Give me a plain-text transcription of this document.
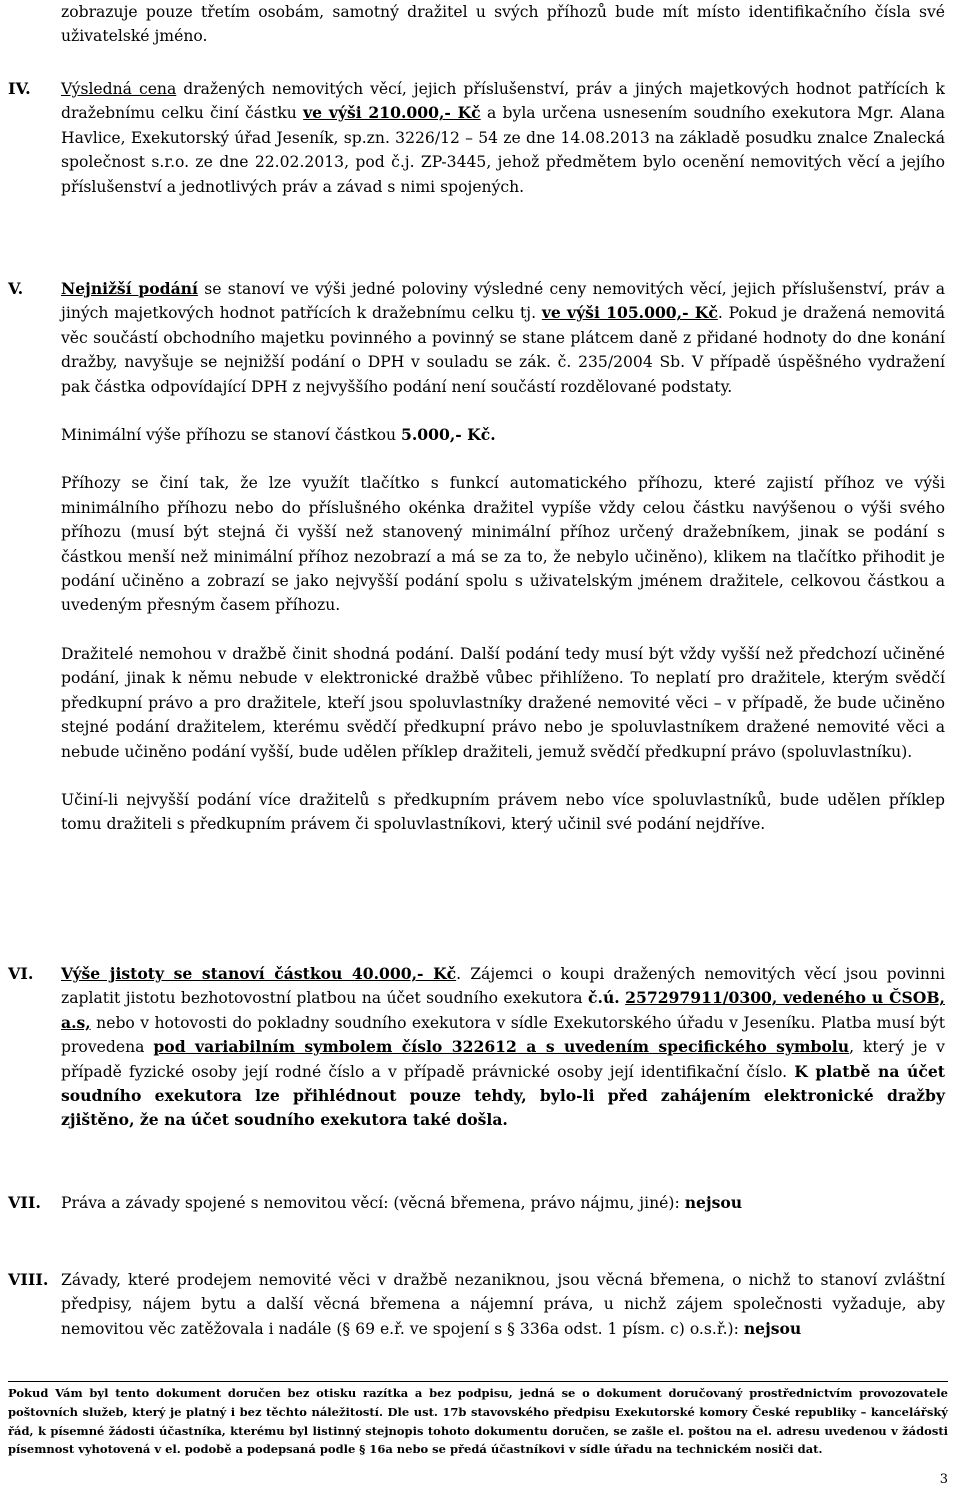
zobrazuje pouze třetím osobám, samotný dražitel u svých příhozů bude mít místo identifikačního čísla své uživatelské jméno.

IV. Výsledná cena dražených nemovitých věcí, jejich příslušenství, práv a jiných majetkových hodnot patřících k dražebnímu celku činí částku ve výši 210.000,- Kč a byla určena usnesením soudního exekutora Mgr. Alana Havlice, Exekutorský úřad Jeseník, sp.zn. 3226/12 – 54 ze dne 14.08.2013 na základě posudku znalce Znalecká společnost s.r.o. ze dne 22.02.2013, pod č.j. ZP-3445, jehož předmětem bylo ocenění nemovitých věcí a jejího příslušenství a jednotlivých práv a závad s nimi spojených.

V. Nejnižší podání se stanoví ve výši jedné poloviny výsledné ceny nemovitých věcí, jejich příslušenství, práv a jiných majetkových hodnot patřících k dražebnímu celku tj. ve výši 105.000,- Kč. Pokud je dražená nemovitá věc součástí obchodního majetku povinného a povinný se stane plátcem daně z přidané hodnoty do dne konání dražby, navyšuje se nejnižší podání o DPH v souladu se zák. č. 235/2004 Sb. V případě úspěšného vydražení pak částka odpovídající DPH z nejvyššího podání není součástí rozdělované podstaty.

Minimální výše příhozu se stanoví částkou 5.000,- Kč.

Příhozy se činí tak, že lze využít tlačítko s funkcí automatického příhozu, které zajistí příhoz ve výši minimálního příhozu nebo do příslušného okénka dražitel vypíše vždy celou částku navýšenou o výši svého příhozu (musí být stejná či vyšší než stanovený minimální příhoz určený dražebníkem, jinak se podání s částkou menší než minimální příhoz nezobrazí a má se za to, že nebylo učiněno), klikem na tlačítko přihodit je podání učiněno a zobrazí se jako nejvyšší podání spolu s uživatelským jménem dražitele, celkovou částkou a uvedeným přesným časem příhozu.

Dražitelé nemohou v dražbě činit shodná podání. Další podání tedy musí být vždy vyšší než předchozí učiněné podání, jinak k němu nebude v elektronické dražbě vůbec přihlíženo. To neplatí pro dražitele, kterým svědčí předkupní právo a pro dražitele, kteří jsou spoluvlastníky dražené nemovité věci – v případě, že bude učiněno stejné podání dražitelem, kterému svědčí předkupní právo nebo je spoluvlastníkem dražené nemovité věci a nebude učiněno podání vyšší, bude udělen příklep dražiteli, jemuž svědčí předkupní právo (spoluvlastníku).

Učiní-li nejvyšší podání více dražitelů s předkupním právem nebo více spoluvlastníků, bude udělen příklep tomu dražiteli s předkupním právem či spoluvlastníkovi, který učinil své podání nejdříve.

VI. Výše jistoty se stanoví částkou 40.000,- Kč. Zájemci o koupi dražených nemovitých věcí jsou povinni zaplatit jistotu bezhotovostní platbou na účet soudního exekutora č.ú. 257297911/0300, vedeného u ČSOB, a.s, nebo v hotovosti do pokladny soudního exekutora v sídle Exekutorského úřadu v Jeseníku. Platba musí být provedena pod variabilním symbolem číslo 322612 a s uvedením specifického symbolu, který je v případě fyzické osoby její rodné číslo a v případě právnické osoby její identifikační číslo. K platbě na účet soudního exekutora lze přihlédnout pouze tehdy, bylo-li před zahájením elektronické dražby zjištěno, že na účet soudního exekutora také došla.

VII. Práva a závady spojené s nemovitou věcí: (věcná břemena, právo nájmu, jiné): nejsou

VIII. Závady, které prodejem nemovité věci v dražbě nezaniknou, jsou věcná břemena, o nichž to stanoví zvláštní předpisy, nájem bytu a další věcná břemena a nájemní práva, u nichž zájem společnosti vyžaduje, aby nemovitou věc zatěžovala i nadále (§ 69 e.ř. ve spojení s § 336a odst. 1 písm. c) o.s.ř.): nejsou

Pokud Vám byl tento dokument doručen bez otisku razítka a bez podpisu, jedná se o dokument doručovaný prostřednictvím provozovatele poštovních služeb, který je platný i bez těchto náležitostí. Dle ust. 17b stavovského předpisu Exekutorské komory České republiky – kancelářský řád, k písemné žádosti účastníka, kterému byl listinný stejnopis tohoto dokumentu doručen, se zašle el. poštou na el. adresu uvedenou v žádosti písemnost vyhotovená v el. podobě a podepsaná podle § 16a nebo se předá účastníkovi v sídle úřadu na technickém nosiči dat.
3
